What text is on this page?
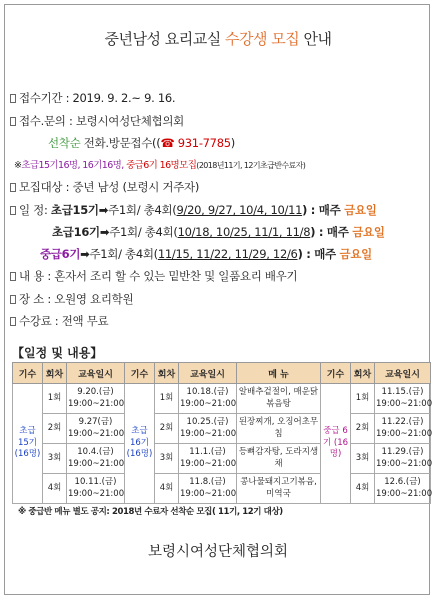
중년남성 요리교실 수강생 모집 안내
접수기간 : 2019. 9. 2.~ 9. 16.
접수.문의 : 보령시여성단체협의회
선착순 전화.방문접수((☎ 931-7785)
※초급15기16명, 16기16명, 중급6기 16명모집(2018년11기, 12기초급반수료자)
모집대상 : 중년 남성 (보령시 거주자)
일 정: 초급15기➡주1회/ 총4회(9/20, 9/27, 10/4, 10/11) : 매주 금요일
초급16기➡주1회/ 총4회(10/18, 10/25, 11/1, 11/8) : 매주 금요일
중급6기➡주1회/ 총4회(11/15, 11/22, 11/29, 12/6) : 매주 금요일
내 용 : 혼자서 조리 할 수 있는 밑반찬 및 일품요리 배우기
장 소 : 오원영 요리학원
수강료 : 전액 무료
【일정 및 내용】
기수	회차	교육일시	기수	회차	교육일시	메 뉴	기수	회차	교육일시
초급 15기 (16명)	1회	9.20.(금) 19:00~21:00	초급 16기 (16명)	1회	10.18.(금) 19:00~21:00	알배추겉절이, 매운닭볶음탕	중급 6기 (16명)	1회	11.15.(금) 19:00~21:00
	2회	9.27(금) 19:00~21:00		2회	10.25.(금) 19:00~21:00	된장찌개, 오징어초무침		2회	11.22.(금) 19:00~21:00
	3회	10.4.(금) 19:00~21:00		3회	11.1.(금) 19:00~21:00	등뼈감자탕, 도라지생채		3회	11.29.(금) 19:00~21:00
	4회	10.11.(금) 19:00~21:00		4회	11.8.(금) 19:00~21:00	콩나물돼지고기볶음,미역국		4회	12.6.(금) 19:00~21:00
※ 중급반 메뉴 별도 공지: 2018년 수료자 선착순 모집( 11기, 12기 대상)
보령시여성단체협의회
